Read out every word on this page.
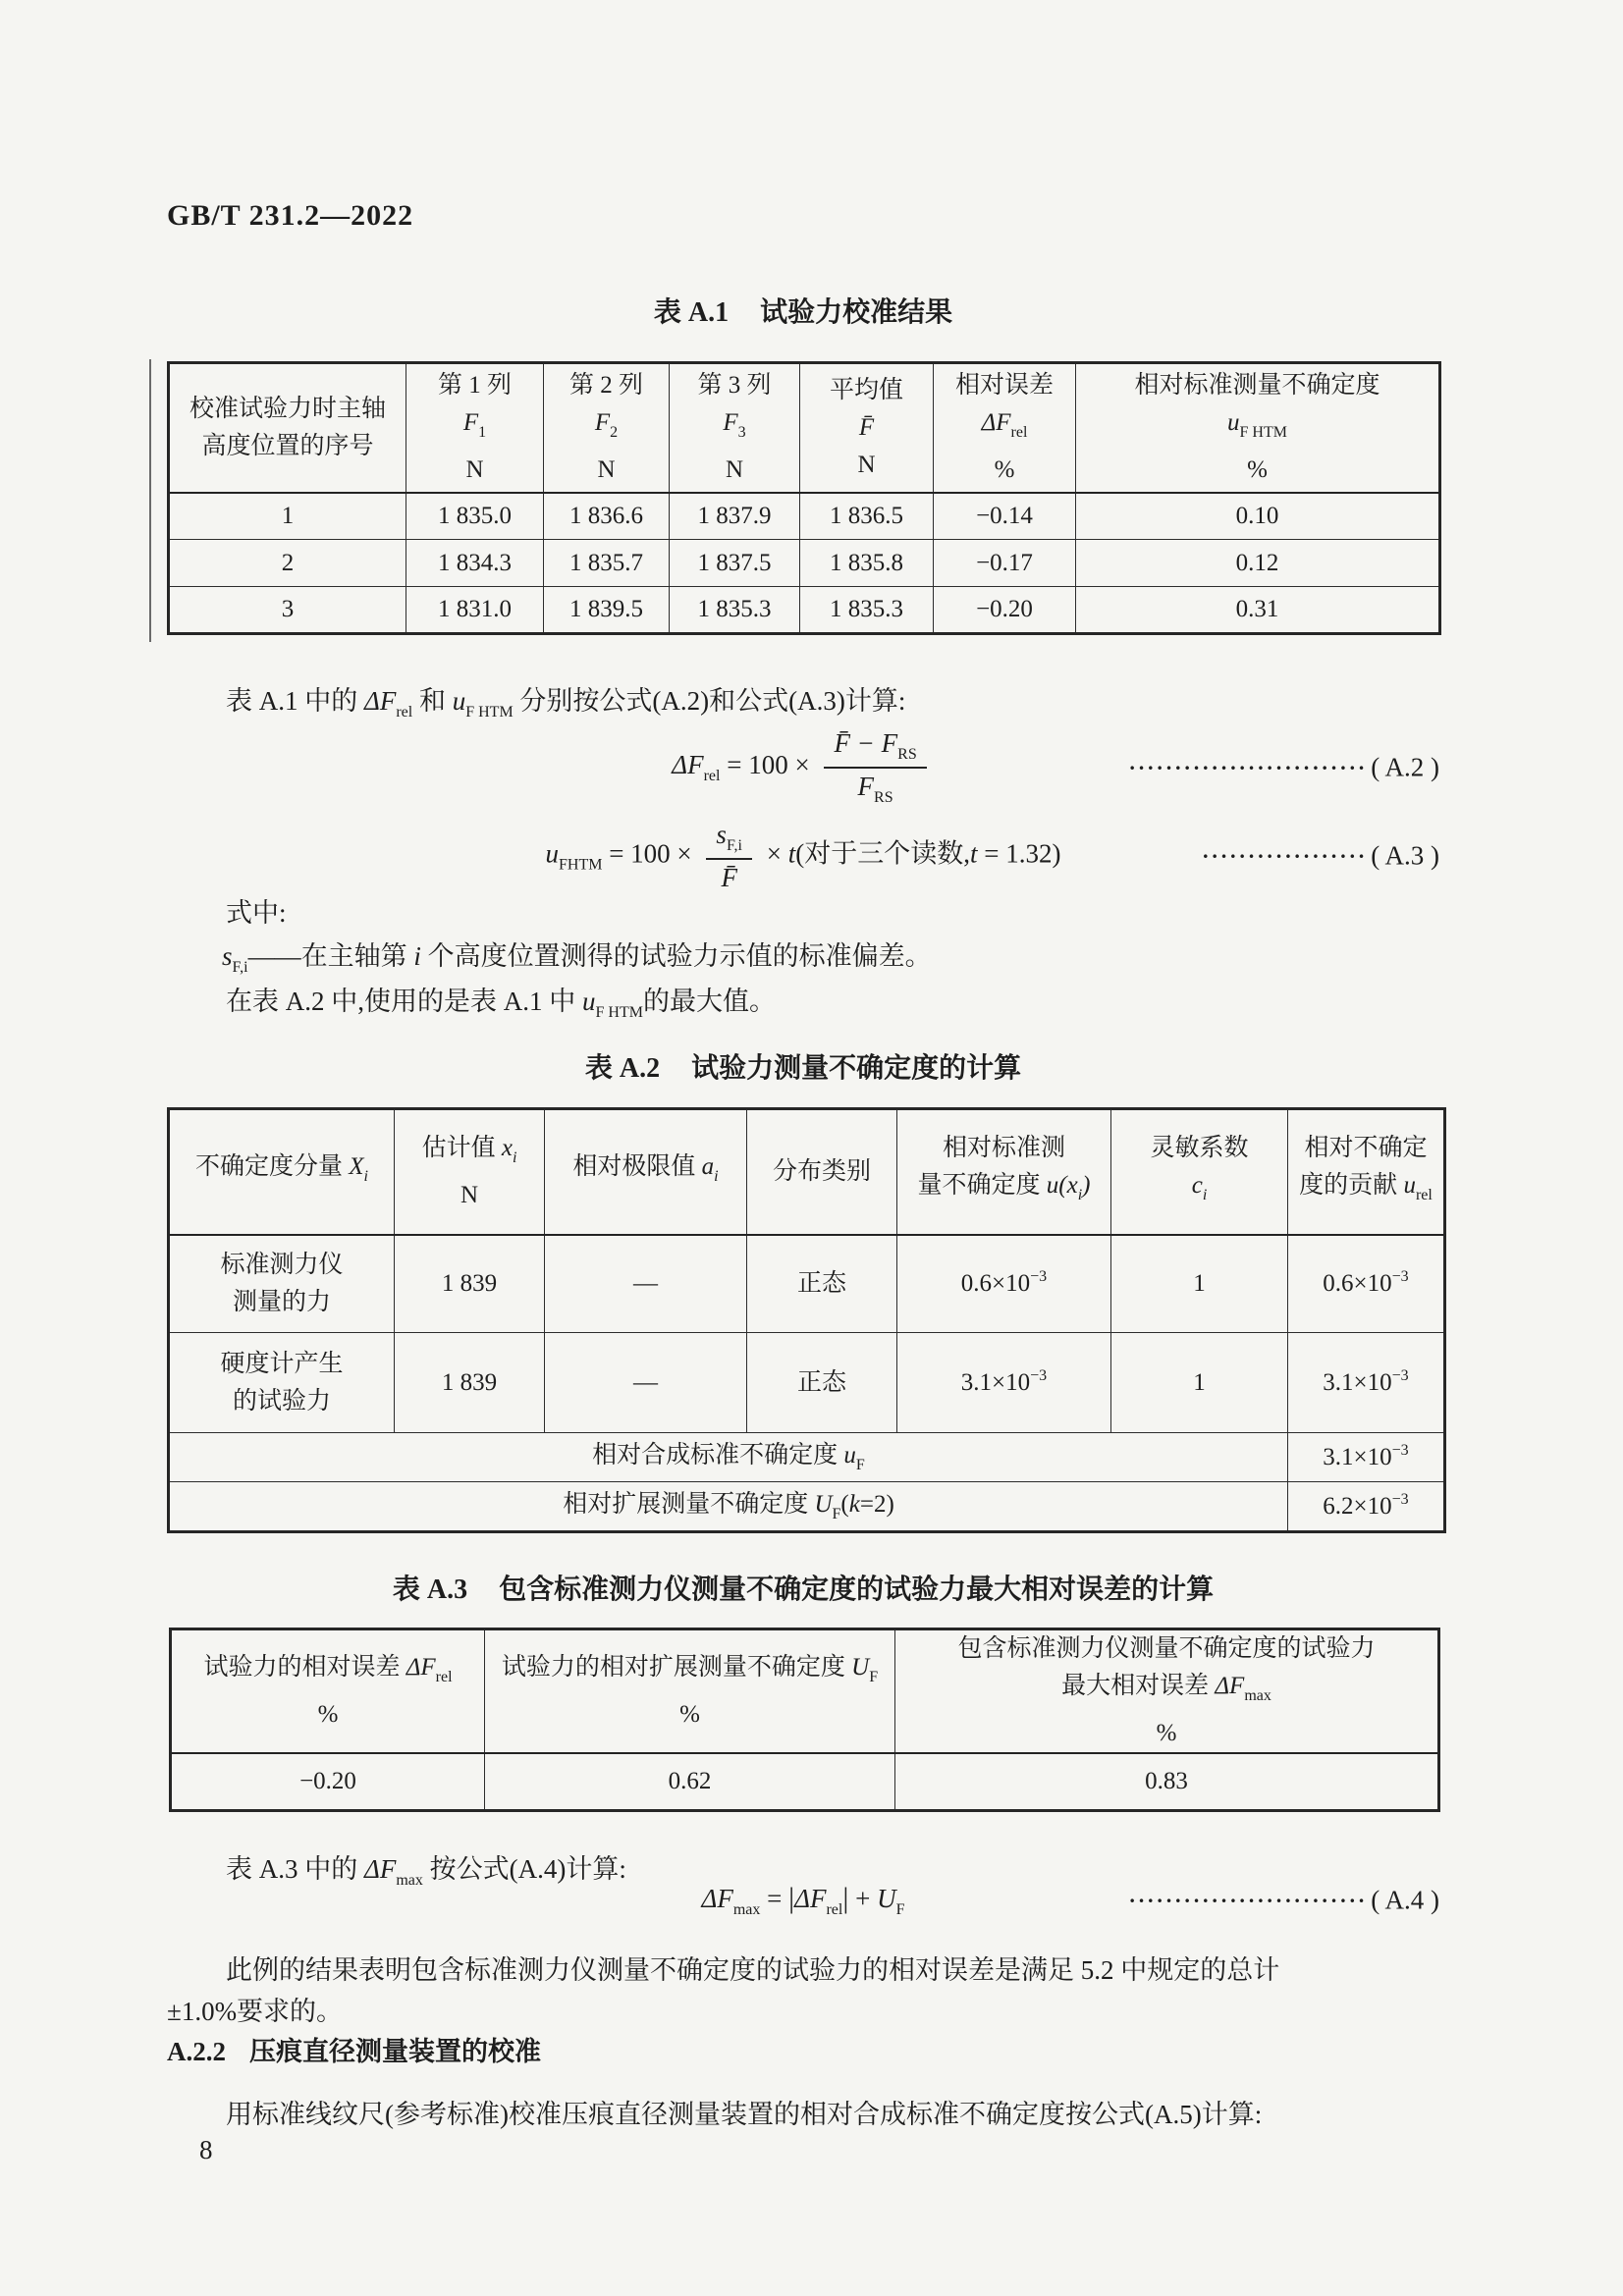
GB/T 231.2—2022
表 A.1 试验力校准结果
校准试验力时主轴
高度位置的序号	第 1 列
$F_1$
N	第 2 列
$F_2$
N	第 3 列
$F_3$
N	平均值
F̄
N	相对误差
$\Delta F_{rel}$
%	相对标准测量不确定度
$u_{F HTM}$
%

1	1 835.0	1 836.6	1 837.9	1 836.5	−0.14	0.10
2	1 834.3	1 835.7	1 837.5	1 835.8	−0.17	0.12
3	1 831.0	1 839.5	1 835.3	1 835.3	−0.20	0.31
表 A.1 中的 $\Delta F_{rel}$ 和 $u_{F HTM}$ 分别按公式(A.2)和公式(A.3)计算:
$\Delta F_{rel} = 100 \times \frac{F̄ - F_{RS}}{F_{RS}}$	·························· ( A.2 )
$u_{FHTM} = 100 \times \frac{s_{F,i}}{F̄} \times t$(对于三个读数,t = 1.32)	·················· ( A.3 )
式中:
$s_{F,i}——$在主轴第 i 个高度位置测得的试验力示值的标准偏差。
在表 A.2 中,使用的是表 A.1 中 $u_{F HTM}$的最大值。
表 A.2 试验力测量不确定度的计算
不确定度分量 $X_i$	估计值 $x_i$
N	相对极限值 $a_i$	分布类别	相对标准测
量不确定度 $u(x_i)$	灵敏系数
$c_i$	相对不确定
度的贡献 $u_{rel}$

标准测力仪
测量的力	1 839	—	正态	$0.6\times 10^{-3}$	1	$0.6\times 10^{-3}$

硬度计产生
的试验力	1 839	—	正态	$3.1\times 10^{-3}$	1	$3.1\times 10^{-3}$
相对合成标准不确定度 $u_F$						$3.1\times 10^{-3}$
相对扩展测量不确定度 $U_F(k=2)$						$6.2\times 10^{-3}$
表 A.3 包含标准测力仪测量不确定度的试验力最大相对误差的计算
试验力的相对误差 $\Delta F_{rel}$
%	试验力的相对扩展测量不确定度 $U_F$
%	包含标准测力仪测量不确定度的试验力
最大相对误差 $\Delta F_{max}$
%

−0.20	0.62	0.83
表 A.3 中的 $\Delta F_{max}$ 按公式(A.4)计算:
$\Delta F_{max} = |\Delta F_{rel}| + U_F$	·························· ( A.4 )
此例的结果表明包含标准测力仪测量不确定度的试验力的相对误差是满足 5.2 中规定的总计
±1.0%要求的。
A.2.2 压痕直径测量装置的校准
用标准线纹尺(参考标准)校准压痕直径测量装置的相对合成标准不确定度按公式(A.5)计算:
8
